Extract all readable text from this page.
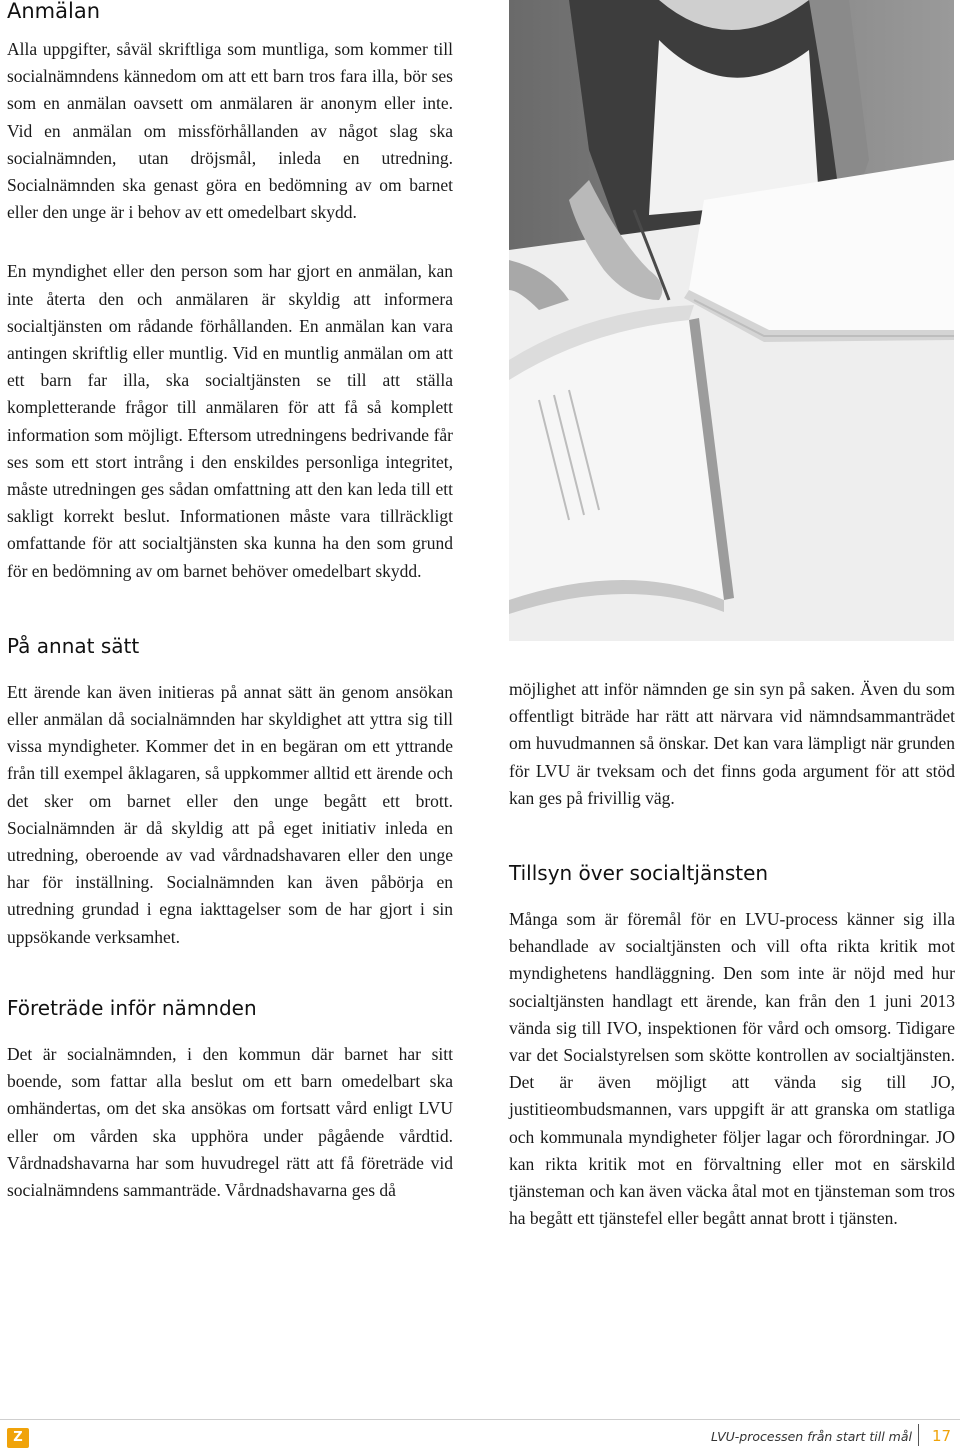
Anmälan

Alla uppgifter, såväl skriftliga som muntliga, som kommer till socialnämndens kännedom om att ett barn tros fara illa, bör ses som en anmälan oavsett om anmälaren är anonym eller inte. Vid en anmälan om missförhållanden av något slag ska socialnämnden, utan dröjsmål, inleda en utredning. Socialnämnden ska genast göra en bedömning av om barnet eller den unge är i behov av ett omedelbart skydd.

En myndighet eller den person som har gjort en anmälan, kan inte återta den och anmälaren är skyldig att informera socialtjänsten om rådande förhållanden. En anmälan kan vara antingen skriftlig eller muntlig. Vid en muntlig anmälan om att ett barn far illa, ska socialtjänsten se till att ställa kompletterande frågor till anmälaren för att få så komplett information som möjligt. Eftersom utredningens bedrivande får ses som ett stort intrång i den enskildes personliga integritet, måste utredningen ges sådan omfattning att den kan leda till ett sakligt korrekt beslut. Informationen måste vara tillräckligt omfattande för att socialtjänsten ska kunna ha den som grund för en bedömning av om barnet behöver omedelbart skydd.

På annat sätt

Ett ärende kan även initieras på annat sätt än genom ansökan eller anmälan då socialnämnden har skyldighet att yttra sig till vissa myndigheter. Kommer det in en begäran om ett yttrande från till exempel åklagaren, så uppkommer alltid ett ärende och det sker om barnet eller den unge begått ett brott. Socialnämnden är då skyldig att på eget initiativ inleda en utredning, oberoende av vad vårdnadshavaren eller den unge har för inställning. Socialnämnden kan även påbörja en utredning grundad i egna iakttagelser som de har gjort i sin uppsökande verksamhet.

Företräde inför nämnden

Det är socialnämnden, i den kommun där barnet har sitt boende, som fattar alla beslut om ett barn omedelbart ska omhändertas, om det ska ansökas om fortsatt vård enligt LVU eller om vården ska upphöra under pågående vårdtid. Vårdnadshavarna har som huvudregel rätt att få företräde vid socialnämndens sammanträde. Vårdnadshavarna ges då

möjlighet att inför nämnden ge sin syn på saken. Även du som offentligt biträde har rätt att närvara vid nämndsammanträdet om huvudmannen så önskar. Det kan vara lämpligt när grunden för LVU är tveksam och det finns goda argument för att stöd kan ges på frivillig väg.

Tillsyn över socialtjänsten

Många som är föremål för en LVU-process känner sig illa behandlade av socialtjänsten och vill ofta rikta kritik mot myndighetens handläggning. Den som inte är nöjd med hur socialtjänsten handlagt ett ärende, kan från den 1 juni 2013 vända sig till IVO, inspektionen för vård och omsorg. Tidigare var det Socialstyrelsen som skötte kontrollen av socialtjänsten. Det är även möjligt att vända sig till JO, justitieombudsmannen, vars uppgift är att granska om statliga och kommunala myndigheter följer lagar och förordningar. JO kan rikta kritik mot en förvaltning eller mot en särskild tjänsteman och kan även väcka åtal mot en tjänsteman som tros ha begått ett tjänstefel eller begått annat brott i tjänsten.

Z	LVU-processen från start till mål 17
